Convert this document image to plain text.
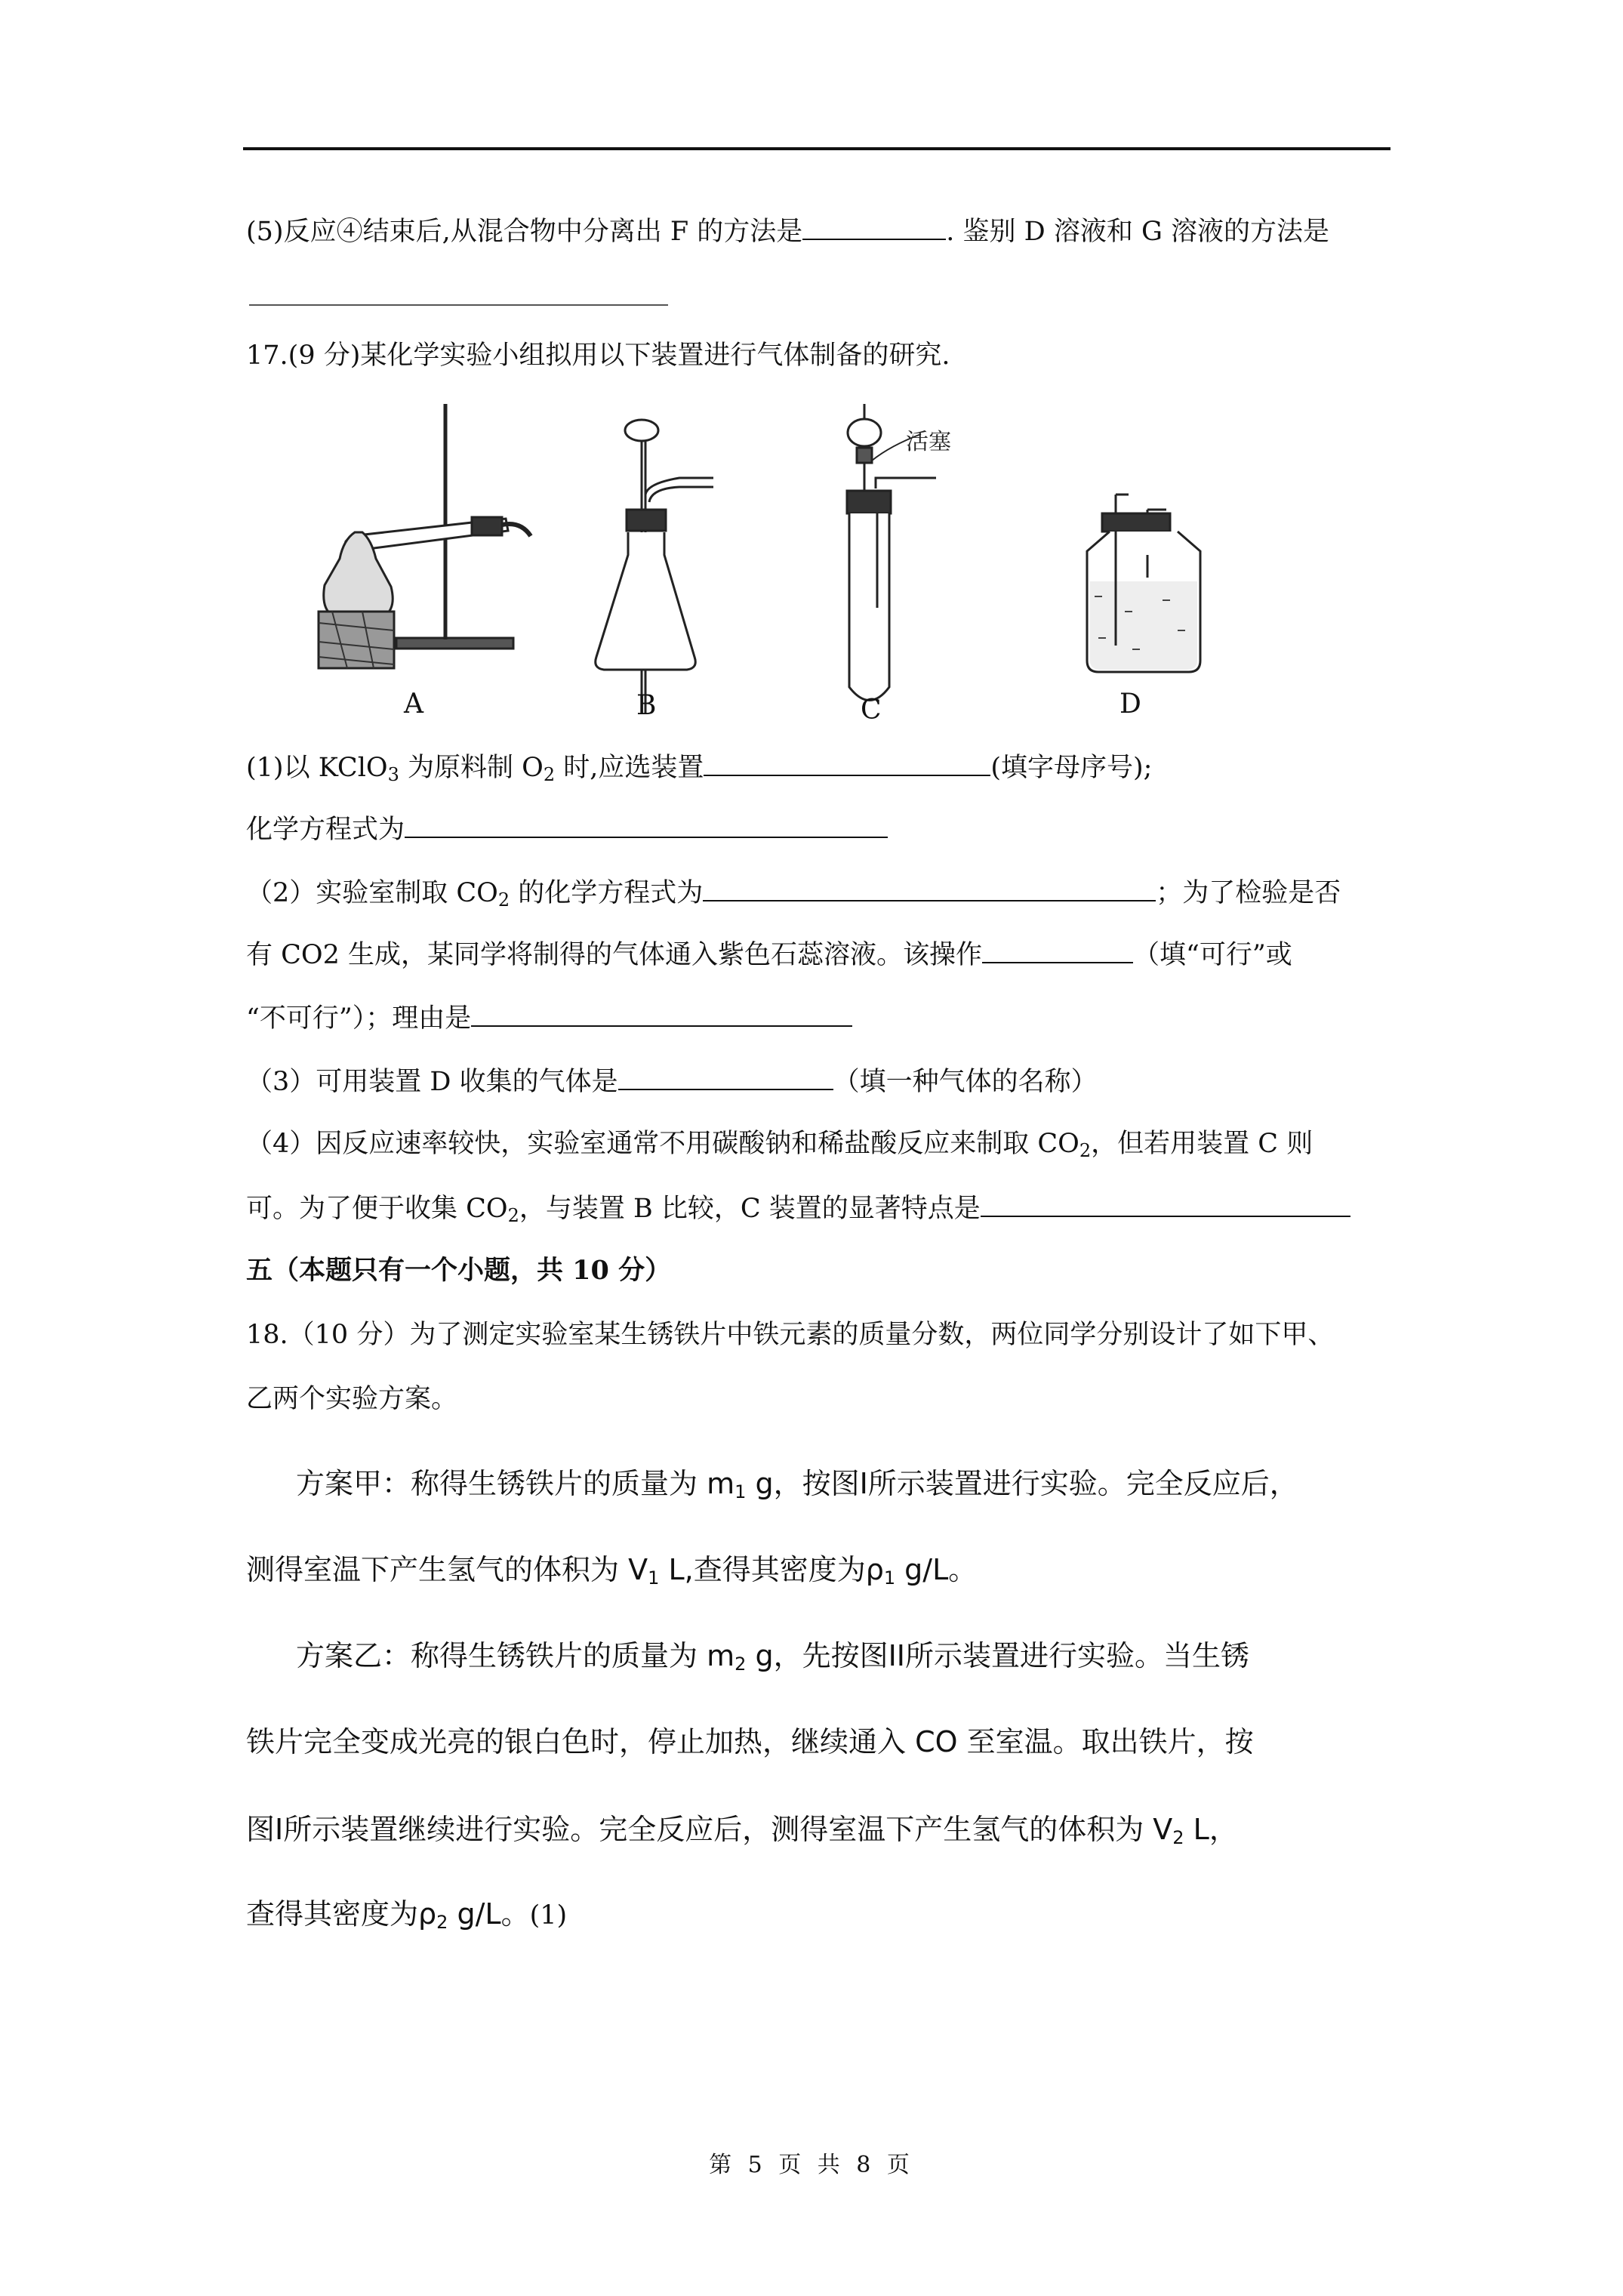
(5)反应④结束后,从混合物中分离出 F 的方法是	. 鉴别 D 溶液和 G 溶液的方法是
17.(9 分)某化学实验小组拟用以下装置进行气体制备的研究.
活塞
A	B	C	D
(1)以 KClO$_3$ 为原料制 $O_2$ 时,应选装置	(填字母序号);
化学方程式为
（2）实验室制取 $CO_2$ 的化学方程式为	；为了检验是否
有 CO2 生成，某同学将制得的气体通入紫色石蕊溶液。该操作	（填“可行”或
“不可行”）；理由是
（3）可用装置 D 收集的气体是	（填一种气体的名称）
（4）因反应速率较快，实验室通常不用碳酸钠和稀盐酸反应来制取 $CO_2$，但若用装置 C 则
可。为了便于收集 $CO_2$，与装置 B 比较，C 装置的显著特点是
五（本题只有一个小题，共 10 分）
18.（10 分）为了测定实验室某生锈铁片中铁元素的质量分数，两位同学分别设计了如下甲、
乙两个实验方案。
方案甲：称得生锈铁片的质量为 $m_1$ g，按图I所示装置进行实验。完全反应后，
测得室温下产生氢气的体积为 $V_1$ L,查得其密度为$\rho_1$ g/L。
方案乙：称得生锈铁片的质量为 $m_2$ g，先按图II所示装置进行实验。当生锈
铁片完全变成光亮的银白色时，停止加热，继续通入 CO 至室温。取出铁片，按
图I所示装置继续进行实验。完全反应后，测得室温下产生氢气的体积为 $V_2$ L，
查得其密度为$\rho_2$ g/L。(1)
第 5 页 共 8 页
